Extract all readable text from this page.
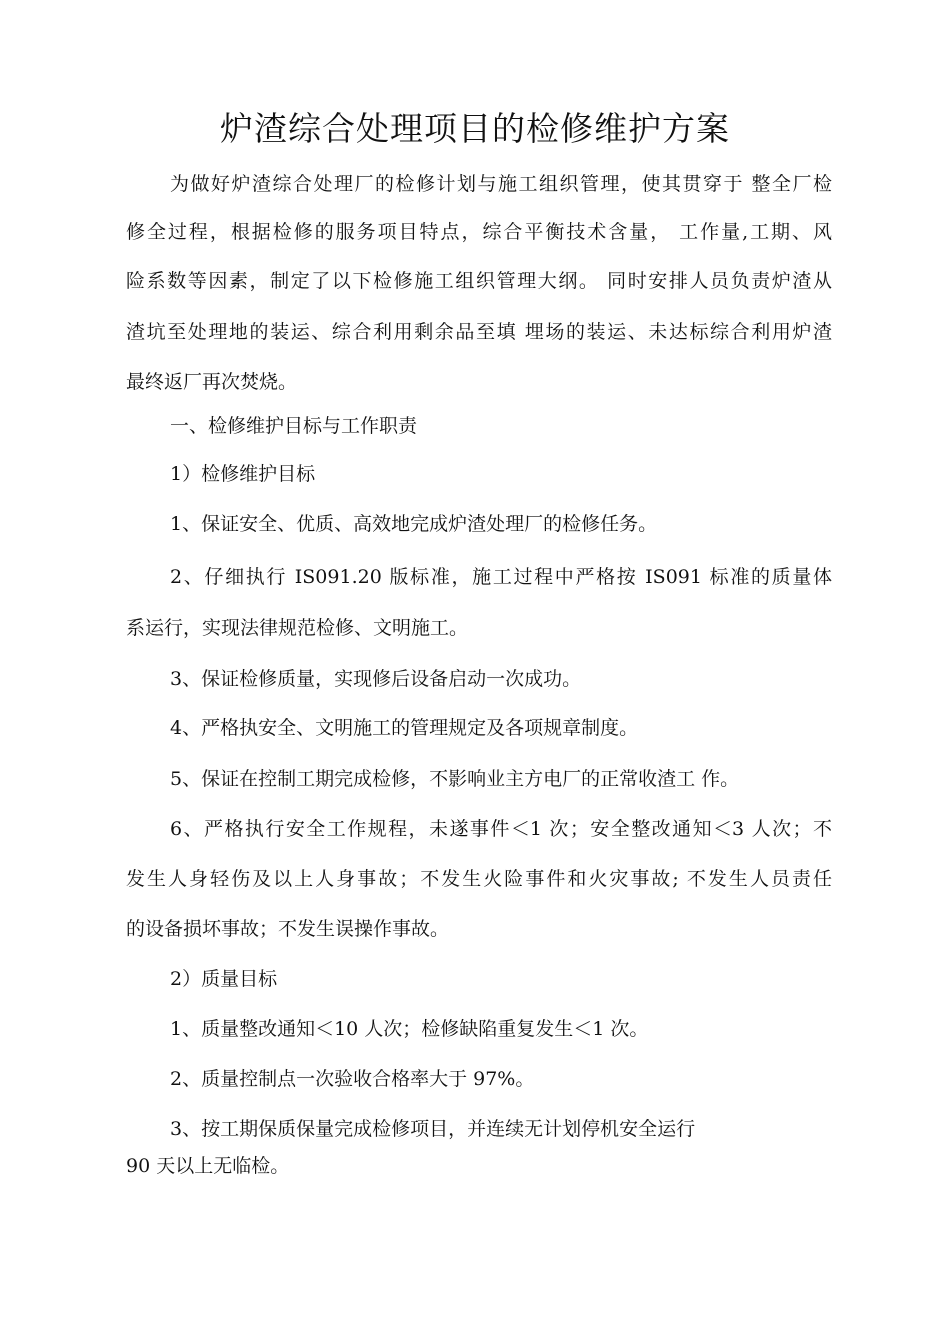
炉渣综合处理项目的检修维护方案
为做好炉渣综合处理厂的检修计划与施工组织管理，使其贯穿于 整全厂检
修全过程，根据检修的服务项目特点，综合平衡技术含量， 工作量,工期、风
险系数等因素，制定了以下检修施工组织管理大纲。 同时安排人员负责炉渣从
渣坑至处理地的装运、综合利用剩余品至填 埋场的装运、未达标综合利用炉渣
最终返厂再次焚烧。
一、检修维护目标与工作职责
1）检修维护目标
1、保证安全、优质、高效地完成炉渣处理厂的检修任务。
2、仔细执行 IS091.20 版标准，施工过程中严格按 IS091 标准的质量体
系运行，实现法律规范检修、文明施工。
3、保证检修质量，实现修后设备启动一次成功。
4、严格执安全、文明施工的管理规定及各项规章制度。
5、保证在控制工期完成检修，不影响业主方电厂的正常收渣工 作。
6、严格执行安全工作规程，未遂事件＜1 次；安全整改通知＜3 人次；不
发生人身轻伤及以上人身事故；不发生火险事件和火灾事故; 不发生人员责任
的设备损坏事故；不发生误操作事故。
2）质量目标
1、质量整改通知＜10 人次；检修缺陷重复发生＜1 次。
2、质量控制点一次验收合格率大于 97%。
3、按工期保质保量完成检修项目，并连续无计划停机安全运行
90 天以上无临检。
